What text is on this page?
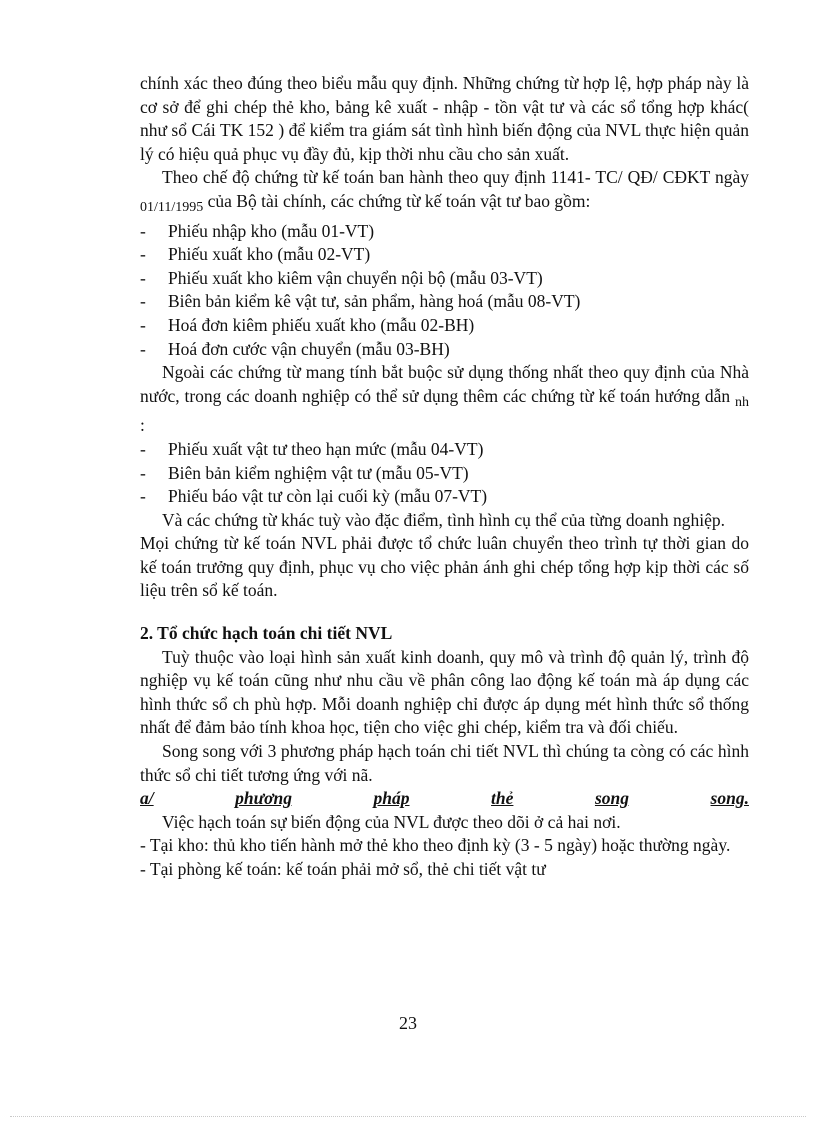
chính xác theo đúng theo biểu mẫu quy định. Những chứng từ hợp lệ, hợp pháp này là cơ sở để ghi chép thẻ kho, bảng kê xuất - nhập - tồn vật tư và các sổ tổng hợp khác( như sổ Cái TK 152 ) để kiểm tra giám sát tình hình biến động của NVL thực hiện quản lý có hiệu quả phục vụ đầy đủ, kịp thời nhu cầu cho sản xuất.

Theo chế độ chứng từ kế toán ban hành theo quy định 1141- TC/ QĐ/ CĐKT ngày $_{01/11/1995}$ của Bộ tài chính, các chứng từ kế toán vật tư bao gồm:

-	Phiếu nhập kho (mẫu 01-VT)
-	Phiếu xuất kho (mẫu 02-VT)
-	Phiếu xuất kho kiêm vận chuyển nội bộ (mẫu 03-VT)
-	Biên bản kiểm kê vật tư, sản phẩm, hàng hoá (mẫu 08-VT)
-	Hoá đơn kiêm phiếu xuất kho (mẫu 02-BH)
-	Hoá đơn cước vận chuyển (mẫu 03-BH)

Ngoài các chứng từ mang tính bắt buộc sử dụng thống nhất theo quy định của Nhà nước, trong các doanh nghiệp có thể sử dụng thêm các chứng từ kế toán hướng dẫn $_{nh}$ :

-	Phiếu xuất vật tư theo hạn mức (mẫu 04-VT)
-	Biên bản kiểm nghiệm vật tư (mẫu 05-VT)
-	Phiếu báo vật tư còn lại cuối kỳ (mẫu 07-VT)

Và các chứng từ khác tuỳ vào đặc điểm, tình hình cụ thể của từng doanh nghiệp.

Mọi chứng từ kế toán NVL phải được tổ chức luân chuyển theo trình tự thời gian do kế toán trưởng quy định, phục vụ cho việc phản ánh ghi chép tổng hợp kịp thời các số liệu trên sổ kế toán.

2. Tổ chức hạch toán chi tiết NVL

Tuỳ thuộc vào loại hình sản xuất kinh doanh, quy mô và trình độ quản lý, trình độ nghiệp vụ kế toán cũng như nhu cầu về phân công lao động kế toán mà áp dụng các hình thức sổ ch phù hợp. Mỗi doanh nghiệp chỉ được áp dụng mét hình thức sổ thống nhất để đảm bảo tính khoa học, tiện cho việc ghi chép, kiểm tra và đối chiếu.

Song song với 3 phương pháp hạch toán chi tiết NVL thì chúng ta còng có các hình thức sổ chi tiết tương ứng với nã.

a/	phương	pháp	thẻ	song	song.

Việc hạch toán sự biến động của NVL được theo dõi ở cả hai nơi.

- Tại kho: thủ kho tiến hành mở thẻ kho theo định kỳ (3 - 5 ngày) hoặc thường ngày.

- Tại phòng kế toán: kế toán phải mở sổ, thẻ chi tiết vật tư

23
